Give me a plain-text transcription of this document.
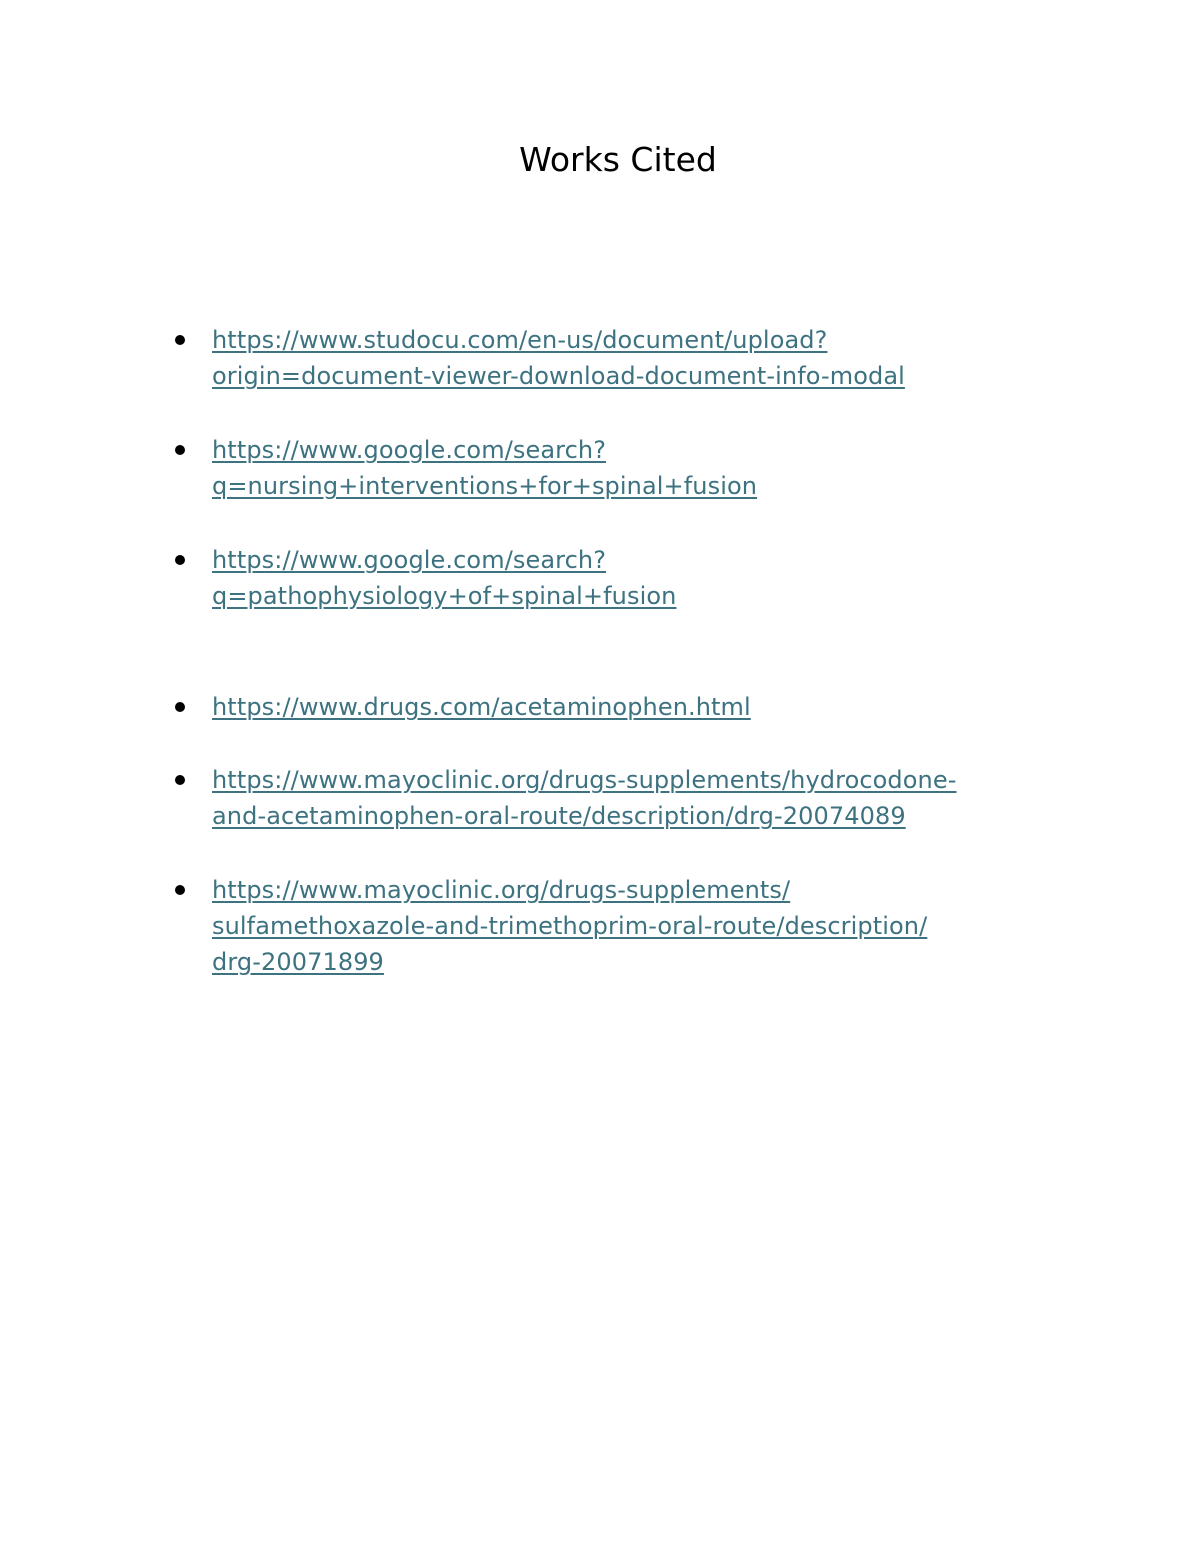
Works Cited
https://www.studocu.com/en-us/document/upload?
origin=document-viewer-download-document-info-modal
https://www.google.com/search?
q=nursing+interventions+for+spinal+fusion
https://www.google.com/search?
q=pathophysiology+of+spinal+fusion
https://www.drugs.com/acetaminophen.html
https://www.mayoclinic.org/drugs-supplements/hydrocodone-
and-acetaminophen-oral-route/description/drg-20074089
https://www.mayoclinic.org/drugs-supplements/
sulfamethoxazole-and-trimethoprim-oral-route/description/
drg-20071899
